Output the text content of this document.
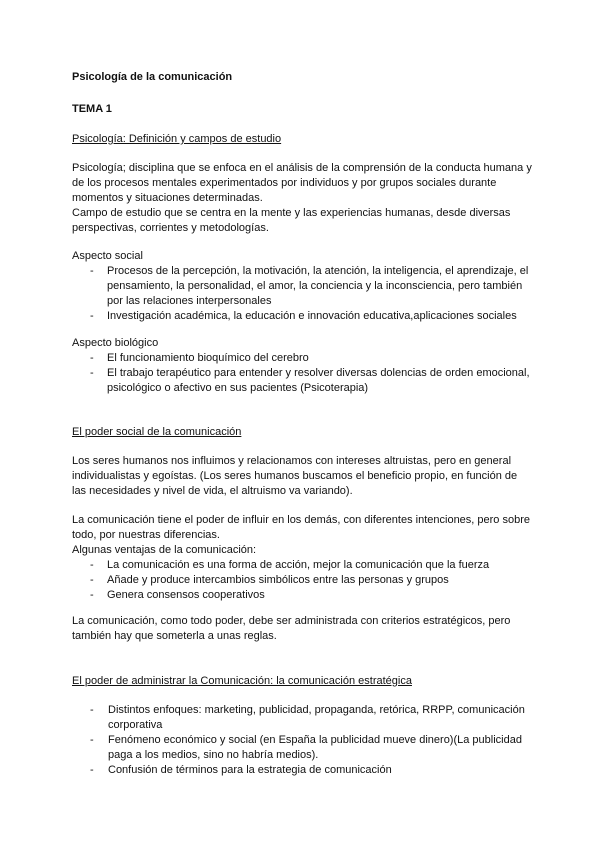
Psicología de la comunicación
TEMA 1
Psicología: Definición y campos de estudio

Psicología; disciplina que se enfoca en el análisis de la comprensión de la conducta humana y de los procesos mentales experimentados por individuos y por grupos sociales durante momentos y situaciones determinadas.

Campo de estudio que se centra en la mente y las experiencias humanas, desde diversas perspectivas, corrientes y metodologías.

Aspecto social

- Procesos de la percepción, la motivación, la atención, la inteligencia, el aprendizaje, el pensamiento, la personalidad, el amor, la conciencia y la inconsciencia, pero también por las relaciones interpersonales
- Investigación académica, la educación e innovación educativa,aplicaciones sociales

Aspecto biológico

- El funcionamiento bioquímico del cerebro
- El trabajo terapéutico para entender y resolver diversas dolencias de orden emocional, psicológico o afectivo en sus pacientes (Psicoterapia)
El poder social de la comunicación

Los seres humanos nos influimos y relacionamos con intereses altruistas, pero en general individualistas y egoístas. (Los seres humanos buscamos el beneficio propio, en función de las necesidades y nivel de vida, el altruismo va variando).

La comunicación tiene el poder de influir en los demás, con diferentes intenciones, pero sobre todo, por nuestras diferencias.

Algunas ventajas de la comunicación:

- La comunicación es una forma de acción, mejor la comunicación que la fuerza
- Añade y produce intercambios simbólicos entre las personas y grupos
- Genera consensos cooperativos

La comunicación, como todo poder, debe ser administrada con criterios estratégicos, pero también hay que someterla a unas reglas.

El poder de administrar la Comunicación: la comunicación estratégica
- Distintos enfoques: marketing, publicidad, propaganda, retórica, RRPP, comunicación corporativa
- Fenómeno económico y social (en España la publicidad mueve dinero)(La publicidad paga a los medios, sino no habría medios).
- Confusión de términos para la estrategia de comunicación
